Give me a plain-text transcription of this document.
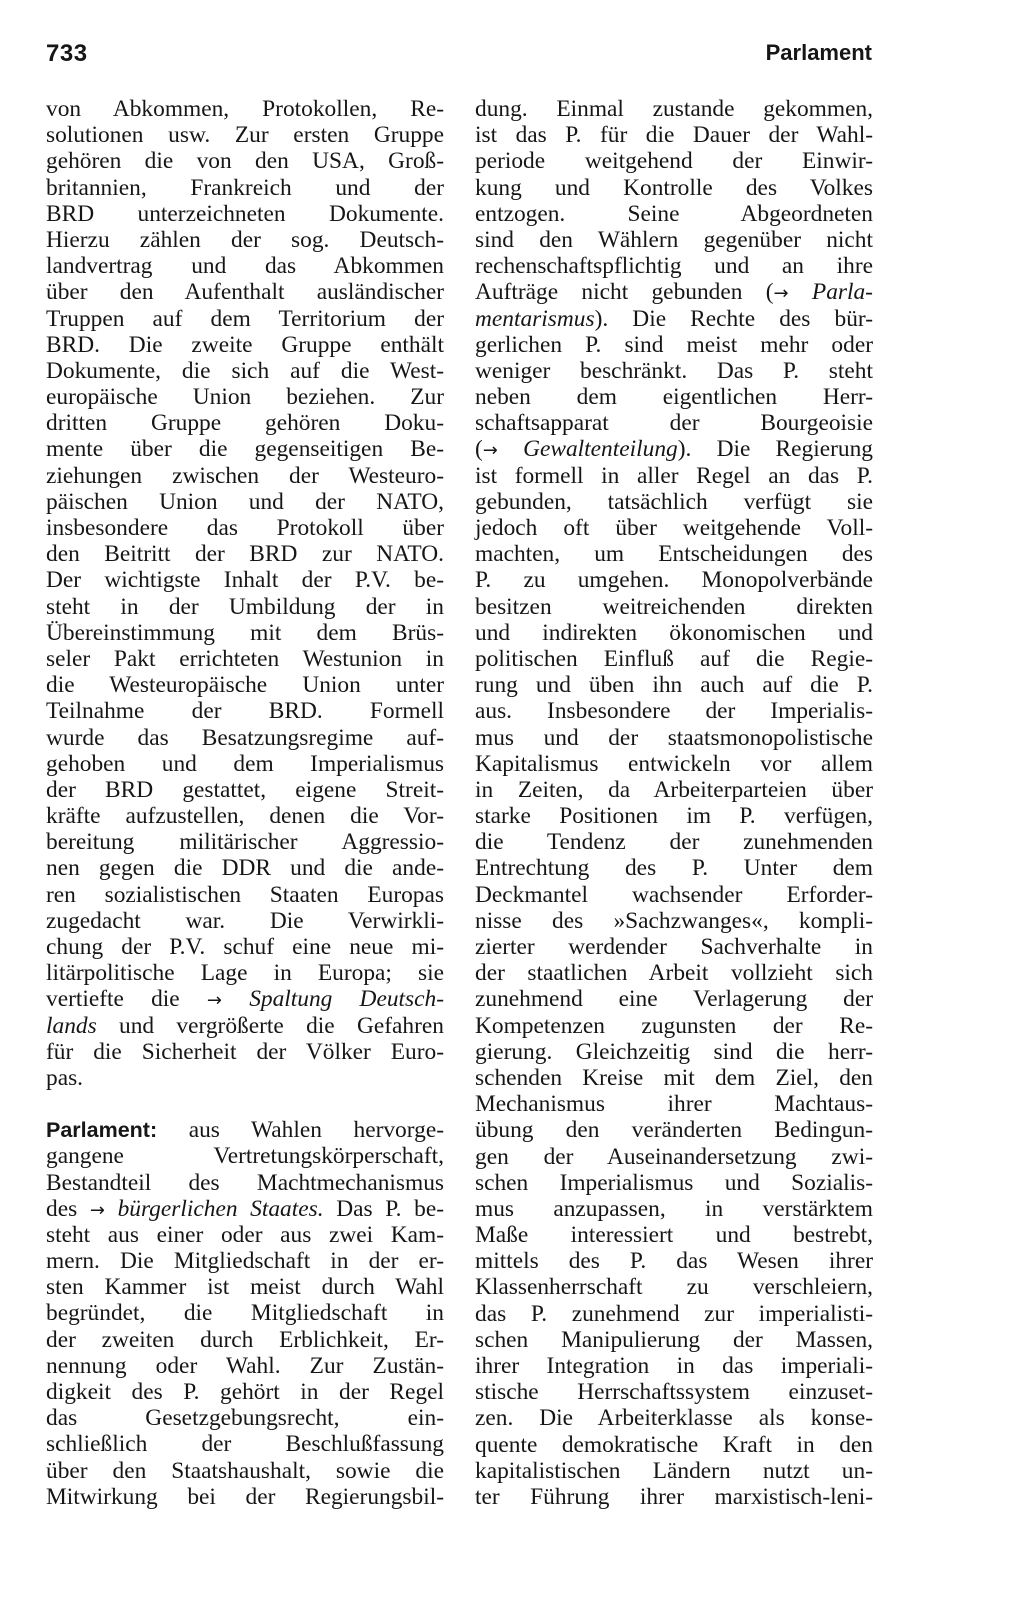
733	Parlament
von Abkommen, Protokollen, Re-
solutionen usw. Zur ersten Gruppe
gehören die von den USA, Groß-
britannien, Frankreich und der
BRD unterzeichneten Dokumente.
Hierzu zählen der sog. Deutsch-
landvertrag und das Abkommen
über den Aufenthalt ausländischer
Truppen auf dem Territorium der
BRD. Die zweite Gruppe enthält
Dokumente, die sich auf die West-
europäische Union beziehen. Zur
dritten Gruppe gehören Doku-
mente über die gegenseitigen Be-
ziehungen zwischen der Westeuro-
päischen Union und der NATO,
insbesondere das Protokoll über
den Beitritt der BRD zur NATO.
Der wichtigste Inhalt der P.V. be-
steht in der Umbildung der in
Übereinstimmung mit dem Brüs-
seler Pakt errichteten Westunion in
die Westeuropäische Union unter
Teilnahme der BRD. Formell
wurde das Besatzungsregime auf-
gehoben und dem Imperialismus
der BRD gestattet, eigene Streit-
kräfte aufzustellen, denen die Vor-
bereitung militärischer Aggressio-
nen gegen die DDR und die ande-
ren sozialistischen Staaten Europas
zugedacht war. Die Verwirkli-
chung der P.V. schuf eine neue mi-
litärpolitische Lage in Europa; sie
vertiefte die → Spaltung Deutsch-
lands und vergrößerte die Gefahren
für die Sicherheit der Völker Euro-
pas.
Parlament: aus Wahlen hervorge-
gangene Vertretungskörperschaft,
Bestandteil des Machtmechanismus
des → bürgerlichen Staates. Das P. be-
steht aus einer oder aus zwei Kam-
mern. Die Mitgliedschaft in der er-
sten Kammer ist meist durch Wahl
begründet, die Mitgliedschaft in
der zweiten durch Erblichkeit, Er-
nennung oder Wahl. Zur Zustän-
digkeit des P. gehört in der Regel
das Gesetzgebungsrecht, ein-
schließlich der Beschlußfassung
über den Staatshaushalt, sowie die
Mitwirkung bei der Regierungsbil-
dung. Einmal zustande gekommen,
ist das P. für die Dauer der Wahl-
periode weitgehend der Einwir-
kung und Kontrolle des Volkes
entzogen. Seine Abgeordneten
sind den Wählern gegenüber nicht
rechenschaftspflichtig und an ihre
Aufträge nicht gebunden (→ Parla-
mentarismus). Die Rechte des bür-
gerlichen P. sind meist mehr oder
weniger beschränkt. Das P. steht
neben dem eigentlichen Herr-
schaftsapparat der Bourgeoisie
(→ Gewaltenteilung). Die Regierung
ist formell in aller Regel an das P.
gebunden, tatsächlich verfügt sie
jedoch oft über weitgehende Voll-
machten, um Entscheidungen des
P. zu umgehen. Monopolverbände
besitzen weitreichenden direkten
und indirekten ökonomischen und
politischen Einfluß auf die Regie-
rung und üben ihn auch auf die P.
aus. Insbesondere der Imperialis-
mus und der staatsmonopolistische
Kapitalismus entwickeln vor allem
in Zeiten, da Arbeiterparteien über
starke Positionen im P. verfügen,
die Tendenz der zunehmenden
Entrechtung des P. Unter dem
Deckmantel wachsender Erforder-
nisse des »Sachzwanges«, kompli-
zierter werdender Sachverhalte in
der staatlichen Arbeit vollzieht sich
zunehmend eine Verlagerung der
Kompetenzen zugunsten der Re-
gierung. Gleichzeitig sind die herr-
schenden Kreise mit dem Ziel, den
Mechanismus ihrer Machtaus-
übung den veränderten Bedingun-
gen der Auseinandersetzung zwi-
schen Imperialismus und Sozialis-
mus anzupassen, in verstärktem
Maße interessiert und bestrebt,
mittels des P. das Wesen ihrer
Klassenherrschaft zu verschleiern,
das P. zunehmend zur imperialisti-
schen Manipulierung der Massen,
ihrer Integration in das imperiali-
stische Herrschaftssystem einzuset-
zen. Die Arbeiterklasse als konse-
quente demokratische Kraft in den
kapitalistischen Ländern nutzt un-
ter Führung ihrer marxistisch-leni-
